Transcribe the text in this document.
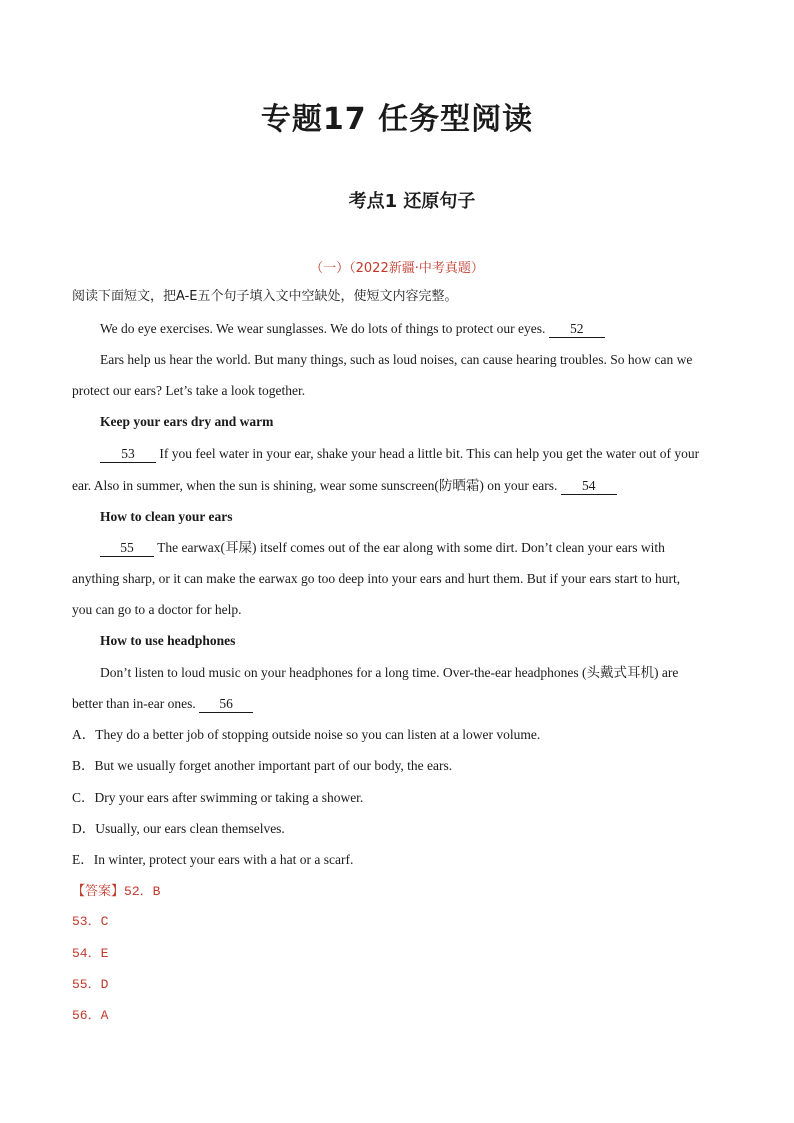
专题17 任务型阅读
考点1 还原句子
（一）（2022新疆·中考真题）
阅读下面短文，把A-E五个句子填入文中空缺处，使短文内容完整。
We do eye exercises. We wear sunglasses. We do lots of things to protect our eyes. 52
Ears help us hear the world. But many things, such as loud noises, can cause hearing troubles. So how can we
protect our ears? Let’s take a look together.
Keep your ears dry and warm
53 If you feel water in your ear, shake your head a little bit. This can help you get the water out of your
ear. Also in summer, when the sun is shining, wear some sunscreen(防晒霜) on your ears. 54
How to clean your ears
55 The earwax(耳屎) itself comes out of the ear along with some dirt. Don’t clean your ears with
anything sharp, or it can make the earwax go too deep into your ears and hurt them. But if your ears start to hurt,
you can go to a doctor for help.
How to use headphones
Don’t listen to loud music on your headphones for a long time. Over-the-ear headphones (头戴式耳机) are
better than in-ear ones. 56
A．They do a better job of stopping outside noise so you can listen at a lower volume.
B．But we usually forget another important part of our body, the ears.
C．Dry your ears after swimming or taking a shower.
D．Usually, our ears clean themselves.
E．In winter, protect your ears with a hat or a scarf.
【答案】52．B
53．C
54．E
55．D
56．A
